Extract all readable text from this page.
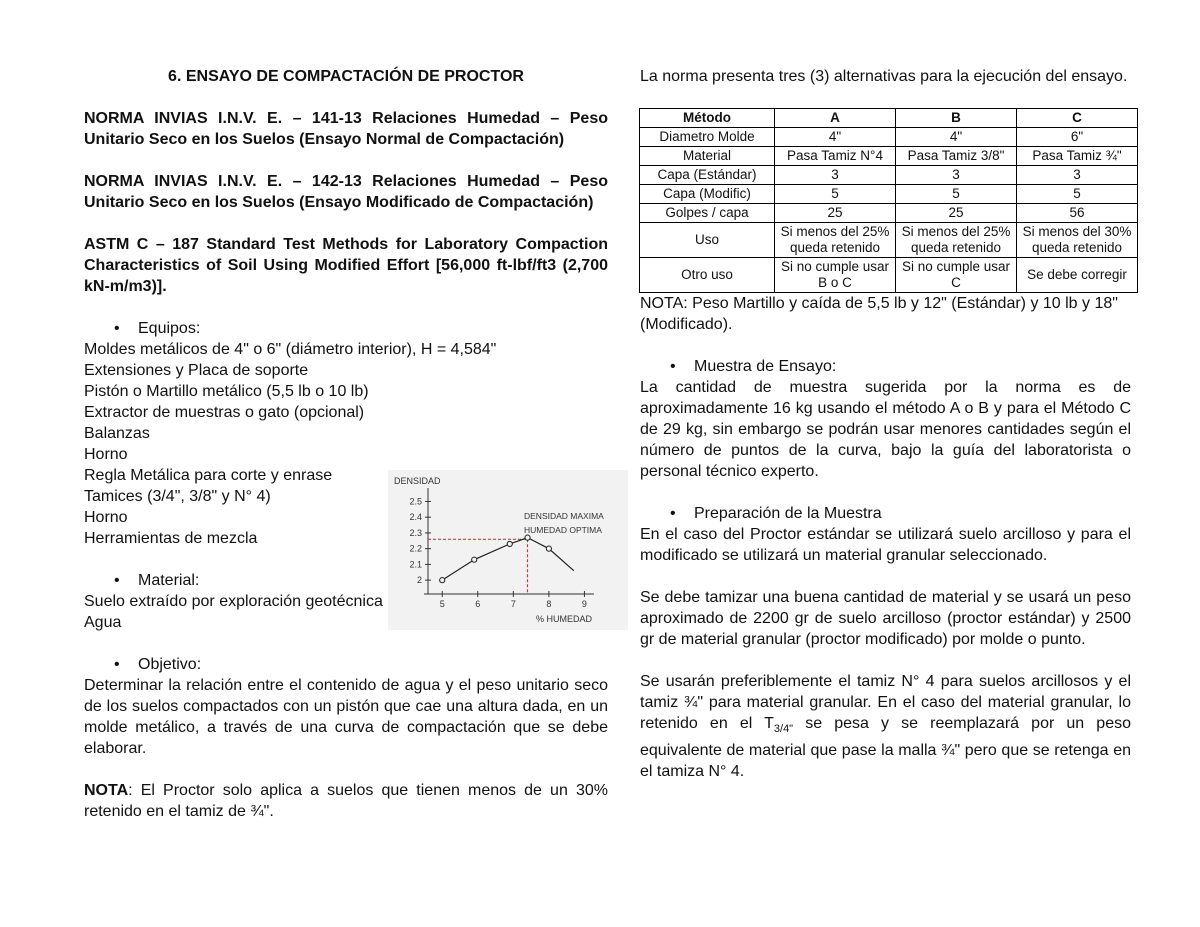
6. ENSAYO DE COMPACTACIÓN DE PROCTOR

NORMA INVIAS I.N.V. E. – 141-13 Relaciones Humedad – Peso Unitario Seco en los Suelos (Ensayo Normal de Compactación)

NORMA INVIAS I.N.V. E. – 142-13 Relaciones Humedad – Peso Unitario Seco en los Suelos (Ensayo Modificado de Compactación)

ASTM C – 187 Standard Test Methods for Laboratory Compaction Characteristics of Soil Using Modified Effort [56,000 ft-lbf/ft3 (2,700 kN-m/m3)].

• Equipos:

Moldes metálicos de 4" o 6" (diámetro interior), H = 4,584"

Extensiones y Placa de soporte

Pistón o Martillo metálico (5,5 lb o 10 lb)

Extractor de muestras o gato (opcional)

Balanzas

Horno

Regla Metálica para corte y enrase

Tamices (3/4", 3/8" y N° 4)

Horno

Herramientas de mezcla

• Material:

Suelo extraído por exploración geotécnica

Agua

• Objetivo:

Determinar la relación entre el contenido de agua y el peso unitario seco de los suelos compactados con un pistón que cae una altura dada, en un molde metálico, a través de una curva de compactación que se debe elaborar.

NOTA: El Proctor solo aplica a suelos que tienen menos de un 30% retenido en el tamiz de ¾".

DENSIDAD
2
2.1
2.2
2.3
2.4
2.5
5	6	7	8	9
DENSIDAD MAXIMA
HUMEDAD OPTIMA
% HUMEDAD

La norma presenta tres (3) alternativas para la ejecución del ensayo.

Método	A	B	C
Diametro Molde	4"	4"	6"
Material	Pasa Tamiz N°4	Pasa Tamiz 3/8"	Pasa Tamiz ¾"
Capa (Estándar)	3	3	3
Capa (Modific)	5	5	5
Golpes / capa	25	25	56
Uso	Si menos del 25% queda retenido	Si menos del 25% queda retenido	Si menos del 30% queda retenido
Otro uso	Si no cumple usar B o C	Si no cumple usar C	Se debe corregir

NOTA: Peso Martillo y caída de 5,5 lb y 12" (Estándar) y 10 lb y 18" (Modificado).

• Muestra de Ensayo:

La cantidad de muestra sugerida por la norma es de aproximadamente 16 kg usando el método A o B y para el Método C de 29 kg, sin embargo se podrán usar menores cantidades según el número de puntos de la curva, bajo la guía del laboratorista o personal técnico experto.

• Preparación de la Muestra

En el caso del Proctor estándar se utilizará suelo arcilloso y para el modificado se utilizará un material granular seleccionado.

Se debe tamizar una buena cantidad de material y se usará un peso aproximado de 2200 gr de suelo arcilloso (proctor estándar) y 2500 gr de material granular (proctor modificado) por molde o punto.

Se usarán preferiblemente el tamiz N° 4 para suelos arcillosos y el tamiz ¾" para material granular. En el caso del material granular, lo retenido en el $T_{3/4"}$ se pesa y se reemplazará por un peso equivalente de material que pase la malla ¾" pero que se retenga en el tamiza N° 4.
